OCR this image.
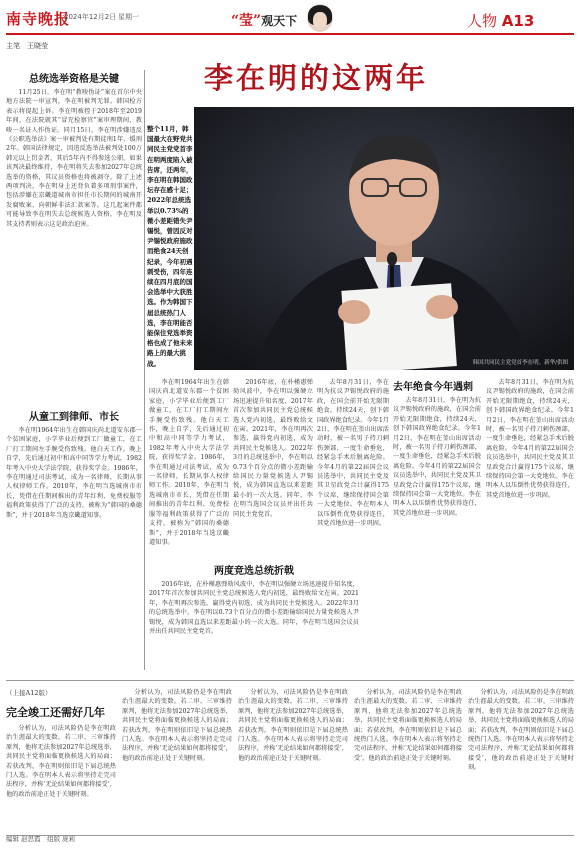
南寺晚报
2024年12月2日 星期一	“莹”观天下	人物 A13
主笔　王晓莹
李在明的这两年
总统选举资格是关键

11月25日，李在明“教唆伪证”案在首尔中央地方法院一审宣判，李在明被判无罪。韩国检方表示将提起上诉。李在明被控于2018年至2019年间，在法院就其“冒充检察官”案审理期间，教唆一名证人作伪证。同月15日，李在明涉嫌违反《公职选举法》案一审被判处有期徒刑1年、缓刑2年。韩国法律规定，因违反选举法被判处100万韩元以上罚金者，其后5年内不得参选公职。如果该判决最终维持，李在明将失去参加2027年总统选举的资格，其议员资格也将被剥夺。除了上述两项判决，李在明身上还背负着多项刑事案件，包括涉嫌在京畿道城南市担任市长期间的城南开发腐败案、向朝鲜非法汇款案等。这几起案件都可能导致李在明失去总统候选人资格，李在明及其支持者则表示这是政治迫害。

从童工到律师、市长

李在明1964年出生在韩国庆尚北道安东郡一个贫困家庭，小学毕业后便到工厂做童工，在工厂打工期间左手腕受伤致残。他白天工作，晚上自学，先后通过初中和高中同等学力考试，1982年考入中央大学法学院，获得奖学金。1986年，李在明通过司法考试，成为一名律师，长期从事人权律师工作。2010年，李在明当选城南市市长，凭借在任期间推出的青年红利、免费校服等福利政策获得了广泛的支持，被称为“韩国的桑德斯”，并于2018年当选京畿道知事。

整个11月，韩国最大在野党共同民主党党首李在明两度陷入被告席，还两年，李在明在韩国政坛存在感十足；2022年总统选举以0.73%的微小差距错失尹锡悦，曾因反对尹锡悦政府施政而绝食24天创纪录，今年初遇刺受伤，四年连续在四月底的国会选举中大获胜选。作为韩国下届总统热门人选，李在明能否能保住党选举资格也成了他未来路上的最大挑战。	韩国共同民主党党首李在明。新华/供图

李在明1964年出生在韩国庆尚北道安东郡一个贫困家庭，小学毕业后便到工厂做童工，在工厂打工期间左手腕受伤致残。他白天工作，晚上自学，先后通过初中和高中同等学力考试，1982年考入中央大学法学院，获得奖学金。1986年，李在明通过司法考试，成为一名律师，长期从事人权律师工作。2010年，李在明当选城南市市长，凭借在任期间推出的青年红利、免费校服等福利政策获得了广泛的支持，被称为“韩国的桑德斯”，并于2018年当选京畿道知事。

两度竞选总统折戟

2016年底，在朴槿惠弹劾风波中，李在明以强硬立场迅速提升知名度，2017年首次参加共同民主党总统候选人党内初选，最终败给文在寅。2021年，李在明再次参选，赢得党内初选，成为共同民主党候选人。2022年3月的总统选举中，李在明以0.73个百分点的微小差距输给国民力量党候选人尹锡悦，成为韩国直选以来差距最小的一次大选。同年，李在明当选国会议员并出任共同民主党党首。

2016年底，在朴槿惠弹劾风波中，李在明以强硬立场迅速提升知名度，2017年首次参加共同民主党总统候选人党内初选，最终败给文在寅。2021年，李在明再次参选，赢得党内初选，成为共同民主党候选人。2022年3月的总统选举中，李在明以0.73个百分点的微小差距输给国民力量党候选人尹锡悦，成为韩国直选以来差距最小的一次大选。同年，李在明当选国会议员并出任共同民主党党首。

去年8月31日，李在明为抗议尹锡悦政府的施政，在国会前开始无限期绝食，持续24天，创下韩国政界绝食纪录。今年1月2日，李在明在釜山出席活动时，被一名男子持刀刺伤颈部，一度生命垂危，经紧急手术后脱离危险。今年4月的第22届国会议员选举中，共同民主党及其卫星政党合计赢得175个议席，继续保持国会第一大党地位。李在明本人以压倒性优势获得连任，其党首地位进一步巩固。

去年绝食今年遇刺

去年8月31日，李在明为抗议尹锡悦政府的施政，在国会前开始无限期绝食，持续24天，创下韩国政界绝食纪录。今年1月2日，李在明在釜山出席活动时，被一名男子持刀刺伤颈部，一度生命垂危，经紧急手术后脱离危险。今年4月的第22届国会议员选举中，共同民主党及其卫星政党合计赢得175个议席，继续保持国会第一大党地位。李在明本人以压倒性优势获得连任，其党首地位进一步巩固。

去年8月31日，李在明为抗议尹锡悦政府的施政，在国会前开始无限期绝食，持续24天，创下韩国政界绝食纪录。今年1月2日，李在明在釜山出席活动时，被一名男子持刀刺伤颈部，一度生命垂危，经紧急手术后脱离危险。今年4月的第22届国会议员选举中，共同民主党及其卫星政党合计赢得175个议席，继续保持国会第一大党地位。李在明本人以压倒性优势获得连任，其党首地位进一步巩固。

（上接A12版）
完全竣工还需好几年

分析认为，司法风险仍是李在明政治生涯最大的变数。若二审、三审维持原判，他将无法参加2027年总统选举，共同民主党将面临更换候选人的局面；若获改判，李在明则依旧是下届总统热门人选。李在明本人表示将坚持走完司法程序，并称‘无论结果如何都将接受’，他的政治前途正处于关键时刻。

分析认为，司法风险仍是李在明政治生涯最大的变数。若二审、三审维持原判，他将无法参加2027年总统选举，共同民主党将面临更换候选人的局面；若获改判，李在明则依旧是下届总统热门人选。李在明本人表示将坚持走完司法程序，并称‘无论结果如何都将接受’，他的政治前途正处于关键时刻。

分析认为，司法风险仍是李在明政治生涯最大的变数。若二审、三审维持原判，他将无法参加2027年总统选举，共同民主党将面临更换候选人的局面；若获改判，李在明则依旧是下届总统热门人选。李在明本人表示将坚持走完司法程序，并称‘无论结果如何都将接受’，他的政治前途正处于关键时刻。

分析认为，司法风险仍是李在明政治生涯最大的变数。若二审、三审维持原判，他将无法参加2027年总统选举，共同民主党将面临更换候选人的局面；若获改判，李在明则依旧是下届总统热门人选。李在明本人表示将坚持走完司法程序，并称‘无论结果如何都将接受’，他的政治前途正处于关键时刻。

分析认为，司法风险仍是李在明政治生涯最大的变数。若二审、三审维持原判，他将无法参加2027年总统选举，共同民主党将面临更换候选人的局面；若获改判，李在明则依旧是下届总统热门人选。李在明本人表示将坚持走完司法程序，并称‘无论结果如何都将接受’，他的政治前途正处于关键时刻。

编辑 赵思霞　组版 庞莉
